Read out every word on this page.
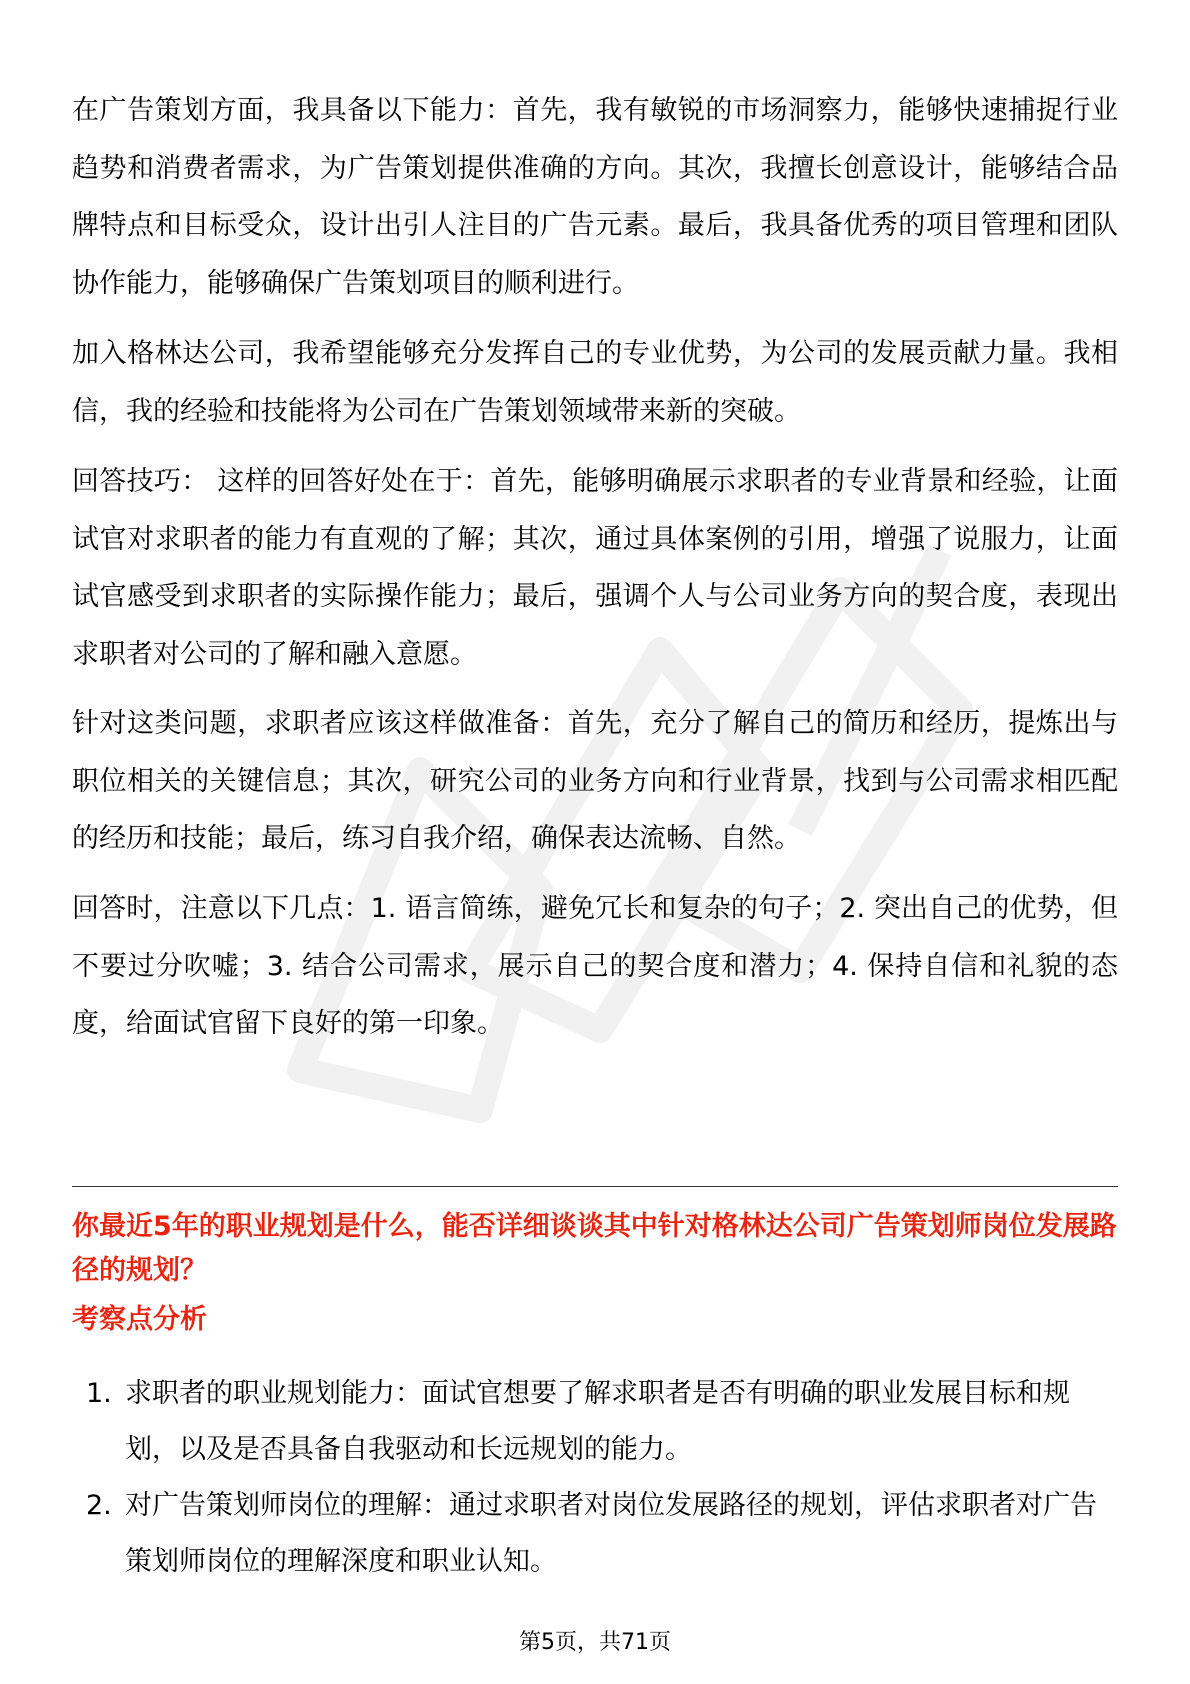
在广告策划方面，我具备以下能力：首先，我有敏锐的市场洞察力，能够快速捕捉行业趋势和消费者需求，为广告策划提供准确的方向。其次，我擅长创意设计，能够结合品牌特点和目标受众，设计出引人注目的广告元素。最后，我具备优秀的项目管理和团队协作能力，能够确保广告策划项目的顺利进行。

加入格林达公司，我希望能够充分发挥自己的专业优势，为公司的发展贡献力量。我相信，我的经验和技能将为公司在广告策划领域带来新的突破。

回答技巧： 这样的回答好处在于：首先，能够明确展示求职者的专业背景和经验，让面试官对求职者的能力有直观的了解；其次，通过具体案例的引用，增强了说服力，让面试官感受到求职者的实际操作能力；最后，强调个人与公司业务方向的契合度，表现出求职者对公司的了解和融入意愿。

针对这类问题，求职者应该这样做准备：首先，充分了解自己的简历和经历，提炼出与职位相关的关键信息；其次，研究公司的业务方向和行业背景，找到与公司需求相匹配的经历和技能；最后，练习自我介绍，确保表达流畅、自然。

回答时，注意以下几点：1. 语言简练，避免冗长和复杂的句子；2. 突出自己的优势，但不要过分吹嘘；3. 结合公司需求，展示自己的契合度和潜力；4. 保持自信和礼貌的态度，给面试官留下良好的第一印象。

你最近5年的职业规划是什么，能否详细谈谈其中针对格林达公司广告策划师岗位发展路径的规划？

考察点分析

1. 求职者的职业规划能力：面试官想要了解求职者是否有明确的职业发展目标和规划，以及是否具备自我驱动和长远规划的能力。
2. 对广告策划师岗位的理解：通过求职者对岗位发展路径的规划，评估求职者对广告策划师岗位的理解深度和职业认知。
第5页，共71页
